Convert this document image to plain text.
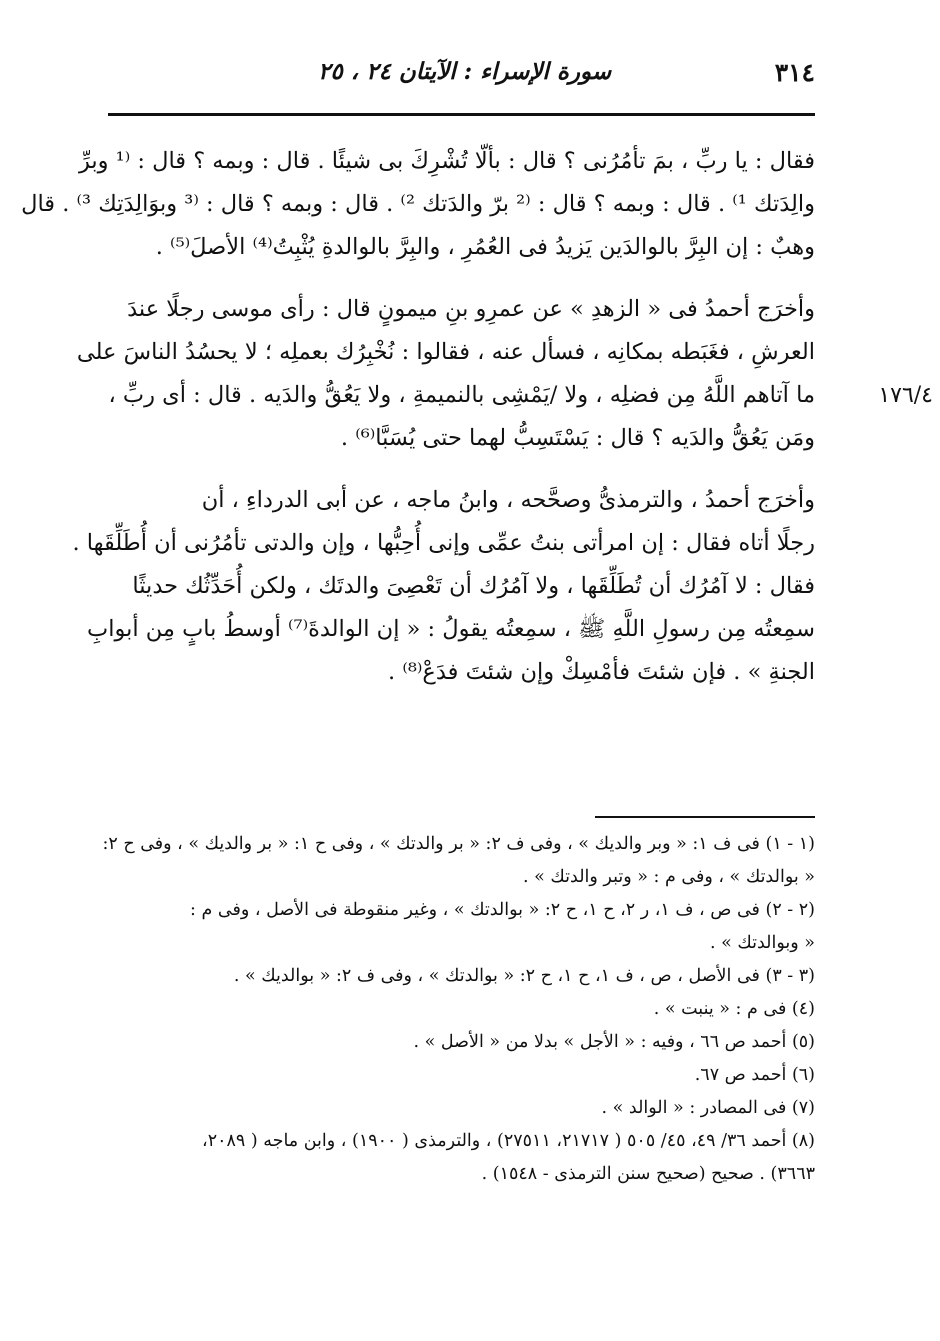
٣١٤
سورة الإسراء : الآيتان ٢٤ ، ٢٥
فقال : يا ربِّ ، بمَ تأمُرُنى ؟ قال : بألّا تُشْرِكَ بى شيئًا . قال : وبمه ؟ قال : ⁽¹ وبرِّ
والِدَتك ¹⁾ . قال : وبمه ؟ قال : ⁽² برّ والدَتك ²⁾ . قال : وبمه ؟ قال : ⁽³ وبوَالِدَتِك ³⁾ . قال
وهبٌ : إن البِرَّ بالوالدَين يَزيدُ فى العُمُرِ ، والبِرَّ بالوالدةِ يُثْبِتُ⁽⁴⁾ الأصلَ⁽⁵⁾ .
وأخرَج أحمدُ فى « الزهدِ » عن عمرِو بنِ ميمونٍ قال : رأى موسى رجلًا عندَ
العرشِ ، فغَبَطه بمكانِه ، فسأل عنه ، فقالوا : نُخْبِرُك بعملِه ؛ لا يحسُدُ الناسَ على
١٧٦/٤
ما آتاهم اللَّهُ مِن فضلِه ، ولا /يَمْشِى بالنميمةِ ، ولا يَعُقُّ والدَيه . قال : أى ربِّ ،
ومَن يَعُقُّ والدَيه ؟ قال : يَسْتَسِبُّ لهما حتى يُسَبَّا⁽⁶⁾ .
وأخرَج أحمدُ ، والترمذىُّ وصحَّحه ، وابنُ ماجه ، عن أبى الدرداءِ ، أن
رجلًا أتاه فقال : إن امرأتى بنتُ عمِّى وإنى أُحِبُّها ، وإن والدتى تأمُرُنى أن أُطَلِّقَها .
فقال : لا آمُرُك أن تُطَلِّقَها ، ولا آمُرُك أن تَعْصِىَ والدتَك ، ولكن أُحَدِّثُك حديثًا
سمِعتُه مِن رسولِ اللَّهِ ﷺ ، سمِعتُه يقولُ : « إن الوالدةَ⁽⁷⁾ أوسطُ بابٍ مِن أبوابِ
الجنةِ » . فإن شئتَ فأمْسِكْ وإن شئتَ فدَعْ⁽⁸⁾ .
(١ - ١) فى ف ١: « وبر والديك » ، وفى ف ٢: « بر والدتك » ، وفى ح ١: « بر والديك » ، وفى ح ٢:
« بوالدتك » ، وفى م : « وتبر والدتك » .
(٢ - ٢) فى ص ، ف ١، ر ٢، ح ١، ح ٢: « بوالدتك » ، وغير منقوطة فى الأصل ، وفى م :
« وبوالدتك » .
(٣ - ٣) فى الأصل ، ص ، ف ١، ح ١، ح ٢: « بوالدتك » ، وفى ف ٢: « بوالديك » .
(٤) فى م : « ينبت » .
(٥) أحمد ص ٦٦ ، وفيه : « الأجل » بدلا من « الأصل » .
(٦) أحمد ص ٦٧.
(٧) فى المصادر : « الوالد » .
(٨) أحمد ٣٦/ ٤٩، ٤٥/ ٥٠٥ ( ٢١٧١٧، ٢٧٥١١) ، والترمذى ( ١٩٠٠) ، وابن ماجه ( ٢٠٨٩،
٣٦٦٣) . صحيح (صحيح سنن الترمذى - ١٥٤٨) .
